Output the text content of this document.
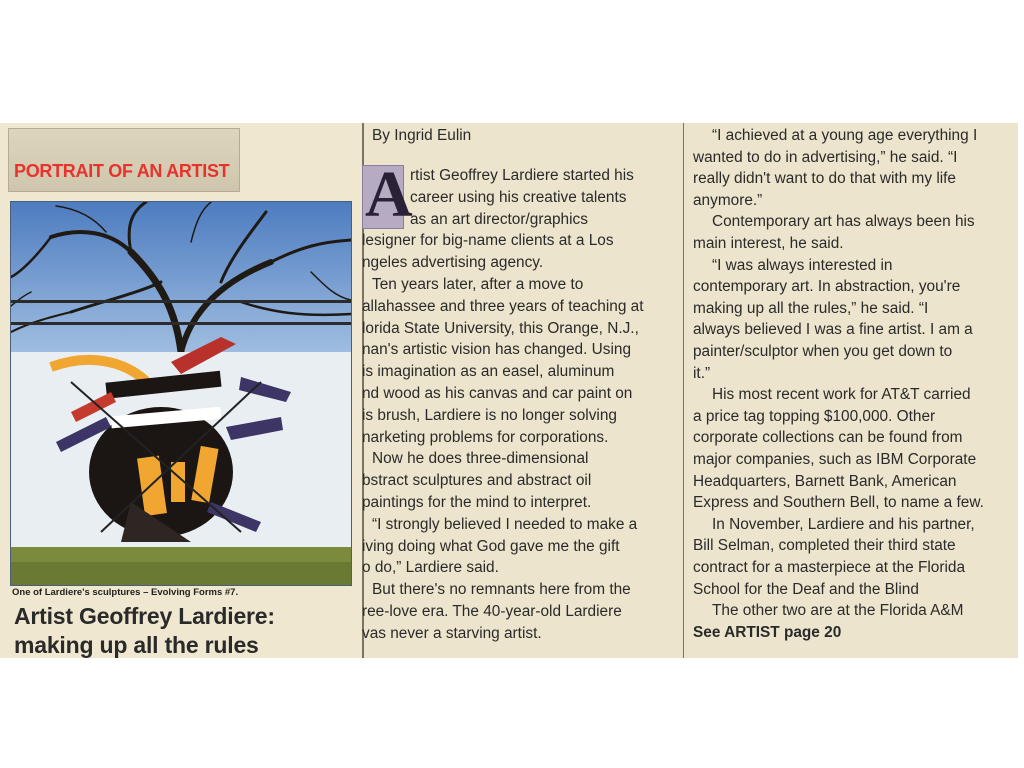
PORTRAIT OF AN ARTIST
One of Lardiere's sculptures – Evolving Forms #7.
Artist Geoffrey Lardiere:
making up all the rules
By Ingrid Eulin
A
rtist Geoffrey Lardiere started his
career using his creative talents
as an art director/graphics
lesigner for big-name clients at a Los
ngeles advertising agency.
Ten years later, after a move to
allahassee and three years of teaching at
lorida State University, this Orange, N.J.,
nan's artistic vision has changed. Using
is imagination as an easel, aluminum
nd wood as his canvas and car paint on
is brush, Lardiere is no longer solving
narketing problems for corporations.
Now he does three-dimensional
bstract sculptures and abstract oil
paintings for the mind to interpret.
“I strongly believed I needed to make a
iving doing what God gave me the gift
o do,” Lardiere said.
But there's no remnants here from the
ree-love era. The 40-year-old Lardiere
vas never a starving artist.
“I achieved at a young age everything I
wanted to do in advertising,” he said. “I
really didn't want to do that with my life
anymore.”
Contemporary art has always been his
main interest, he said.
“I was always interested in
contemporary art. In abstraction, you're
making up all the rules,” he said. “I
always believed I was a fine artist. I am a
painter/sculptor when you get down to
it.”
His most recent work for AT&T carried
a price tag topping $100,000. Other
corporate collections can be found from
major companies, such as IBM Corporate
Headquarters, Barnett Bank, American
Express and Southern Bell, to name a few.
In November, Lardiere and his partner,
Bill Selman, completed their third state
contract for a masterpiece at the Florida
School for the Deaf and the Blind
The other two are at the Florida A&M
See ARTIST page 20
